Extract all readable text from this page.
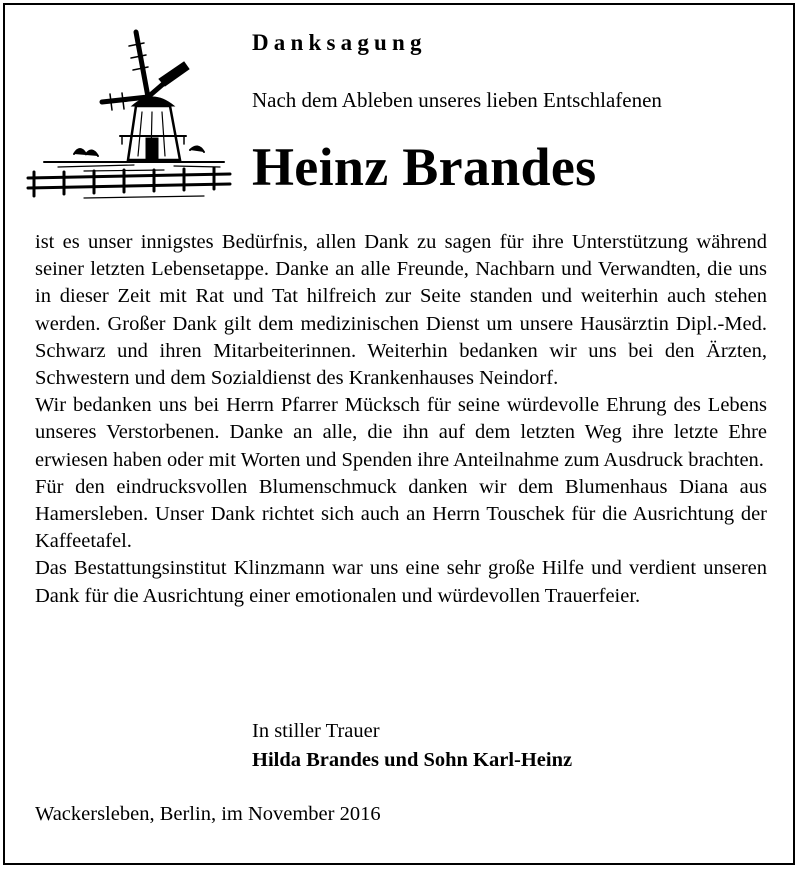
Danksagung
Nach dem Ableben unseres lieben Entschlafenen
Heinz Brandes

ist es unser innigstes Bedürfnis, allen Dank zu sagen für ihre Unterstützung während seiner letzten Lebensetappe. Danke an alle Freunde, Nachbarn und Verwandten, die uns in dieser Zeit mit Rat und Tat hilfreich zur Seite standen und weiterhin auch stehen werden. Großer Dank gilt dem medizinischen Dienst um unsere Hausärztin Dipl.-Med. Schwarz und ihren Mitarbeiterinnen. Weiterhin bedanken wir uns bei den Ärzten, Schwestern und dem Sozialdienst des Krankenhauses Neindorf.

Wir bedanken uns bei Herrn Pfarrer Mücksch für seine würdevolle Ehrung des Lebens unseres Verstorbenen. Danke an alle, die ihn auf dem letzten Weg ihre letzte Ehre erwiesen haben oder mit Worten und Spenden ihre Anteilnahme zum Ausdruck brachten.

Für den eindrucksvollen Blumenschmuck danken wir dem Blumenhaus Diana aus Hamersleben. Unser Dank richtet sich auch an Herrn Touschek für die Ausrichtung der Kaffeetafel.

Das Bestattungsinstitut Klinzmann war uns eine sehr große Hilfe und verdient unseren Dank für die Ausrichtung einer emotionalen und würdevollen Trauerfeier.

In stiller Trauer
Hilda Brandes und Sohn Karl-Heinz
Wackersleben, Berlin, im November 2016
